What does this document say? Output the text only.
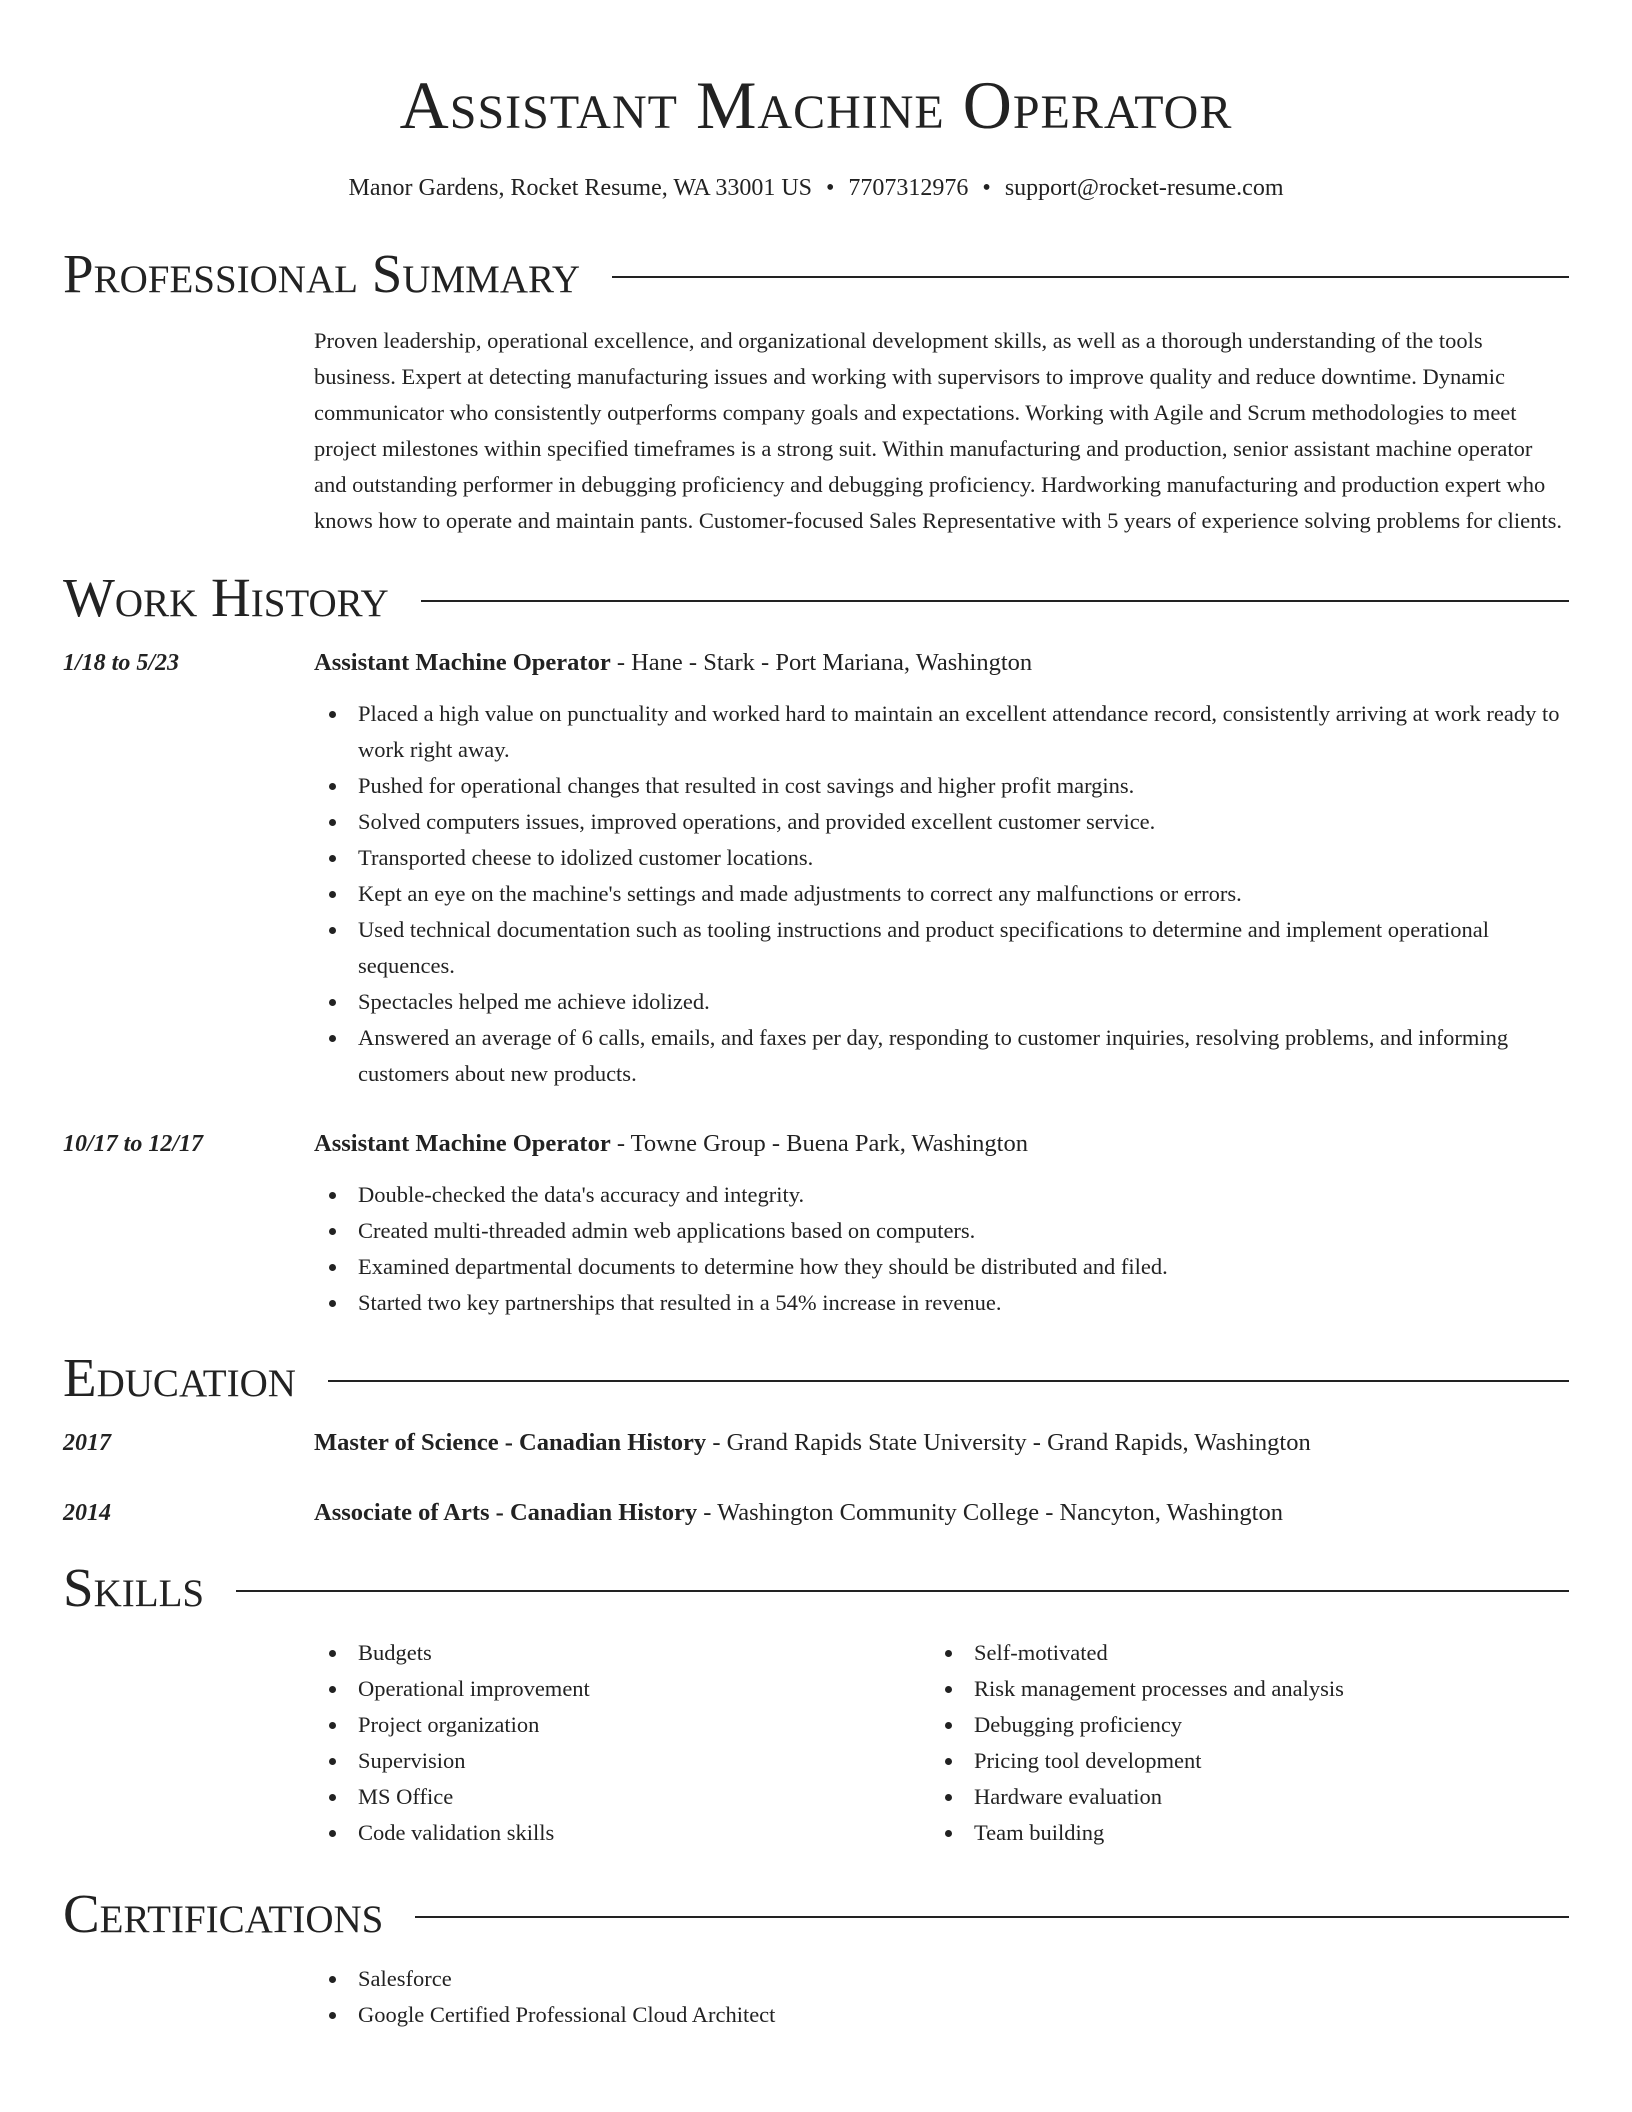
Assistant Machine Operator
Manor Gardens, Rocket Resume, WA 33001 US • 7707312976 • support@rocket-resume.com
Professional Summary
Proven leadership, operational excellence, and organizational development skills, as well as a thorough understanding of the tools business. Expert at detecting manufacturing issues and working with supervisors to improve quality and reduce downtime. Dynamic communicator who consistently outperforms company goals and expectations. Working with Agile and Scrum methodologies to meet project milestones within specified timeframes is a strong suit. Within manufacturing and production, senior assistant machine operator and outstanding performer in debugging proficiency and debugging proficiency. Hardworking manufacturing and production expert who knows how to operate and maintain pants. Customer-focused Sales Representative with 5 years of experience solving problems for clients.
Work History
1/18 to 5/23	Assistant Machine Operator - Hane - Stark - Port Mariana, Washington
Placed a high value on punctuality and worked hard to maintain an excellent attendance record, consistently arriving at work ready to work right away.
Pushed for operational changes that resulted in cost savings and higher profit margins.
Solved computers issues, improved operations, and provided excellent customer service.
Transported cheese to idolized customer locations.
Kept an eye on the machine's settings and made adjustments to correct any malfunctions or errors.
Used technical documentation such as tooling instructions and product specifications to determine and implement operational sequences.
Spectacles helped me achieve idolized.
Answered an average of 6 calls, emails, and faxes per day, responding to customer inquiries, resolving problems, and informing customers about new products.
10/17 to 12/17	Assistant Machine Operator - Towne Group - Buena Park, Washington
Double-checked the data's accuracy and integrity.
Created multi-threaded admin web applications based on computers.
Examined departmental documents to determine how they should be distributed and filed.
Started two key partnerships that resulted in a 54% increase in revenue.
Education
2017	Master of Science - Canadian History - Grand Rapids State University - Grand Rapids, Washington
2014	Associate of Arts - Canadian History - Washington Community College - Nancyton, Washington
Skills
Budgets
Operational improvement
Project organization
Supervision
MS Office
Code validation skills
Self-motivated
Risk management processes and analysis
Debugging proficiency
Pricing tool development
Hardware evaluation
Team building
Certifications
Salesforce
Google Certified Professional Cloud Architect
